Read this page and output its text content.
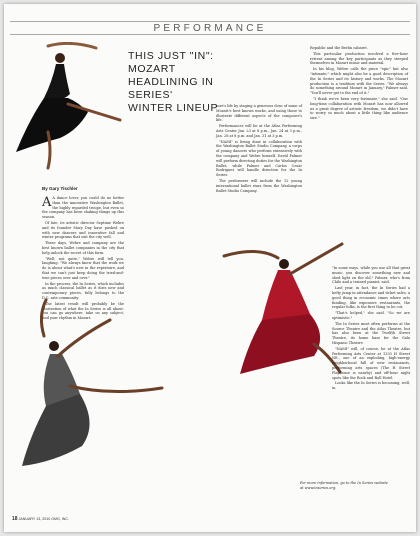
PERFORMANCE
THIS JUST "IN": MOZART
HEADLINING IN SERIES'
WINTER LINEUP

ture's life by staging a generous dose of some of Mozart's best known works, and using those to illustrate different aspects of the composer's life.

Performances will be at the Atlas Performing Arts Center Jan. 23 at 8 p.m., Jan. 24 at 3 p.m., Jan. 28 at 8 p.m. and Jan. 31 at 3 p.m.

"NAMI" is being done in collaboration with the Washington Ballet Studio Company, a corps of young dancers who perform extensively with the company and Webre himself. David Palmer will perform directing duties for the Washington Ballet, while Palmer and Carlos Cesar Rodriguez will handle direction for the In Series.

The performers will include the 12 young international ballet stars from the Washington Ballet Studio Company.

Republic and the Berlin cabaret.

This particular production involved a five-hour retreat among the key participants as they steeped themselves in Mozart music and material.

In his blog, Webre calls the piece "epic" but also "intimate," which might also be a good description of the In Series and its history and works. The Mozart production is a tradition with the Series. "We always do something around Mozart in January," Palmer said. "You'll never get to the end of it."

"I think we've been very fortunate," she said. "Our long-time collaboration with Mozart has now allowed us a great degree of artistic freedom, we didn't have to worry so much about a little thing like audience size."

By Gary Tischler

A A dance lover, you could do no better than the innovative Washington Ballet, the highly regarded troupe, but even so the company has been shaking things up this season.

Of late, its artistic director Septime Webre and its founder Mary Day have pushed on with new dancers and innovative fall and winter programs that suit the city well.

These days, Webre and company are the best known ballet companies in the city that help unlock the secret of this form.

"Well, not quite," Webre will tell you, laughing. "We always knew that the work we do is about what's new in the repertoire, and that we can't just keep doing the tried-and-true pieces over and over."

In the process, the In Series, which includes as much classical ballet as it does new and contemporary pieces, fully belongs to the D.C. arts community.

The latest result will probably be the illustration of what the In Series is all about: you can go anywhere, take on any subject, find your rhythm in Mozart.

"In some ways, while you use all that great music, you discover something new and shed light on the old," Palmer, who's from Chile and a trained pianist, said.

Last year, in fact, the In Series had a hefty jump in attendance and ticket sales, a good thing in economic times where arts funding, like expensive restaurants, the regular folks, is the first thing to be cut.

"That's helped," she said. "So we are optimistic."

The In Series most often performs at the Source Theatre and the Atlas Theatre, but has also been at the Twelfth Street Theatre, its home base for the Gala Hispanic Theatre.

"NAMI" will, of course, be at the Atlas Performing Arts Center at 1333 H Street NE., one of an exploding, high-energy neighborhood full of new restaurants, performing arts spaces (The H Street Playhouse is nearby) and off-hour night spots like the Rock and Roll Hotel.

Looks like the In Series is becoming, well, in.

For more information, go to the In Series website at www.inseries.org.
18 JANUARY 13, 2010 GMG, INC.
